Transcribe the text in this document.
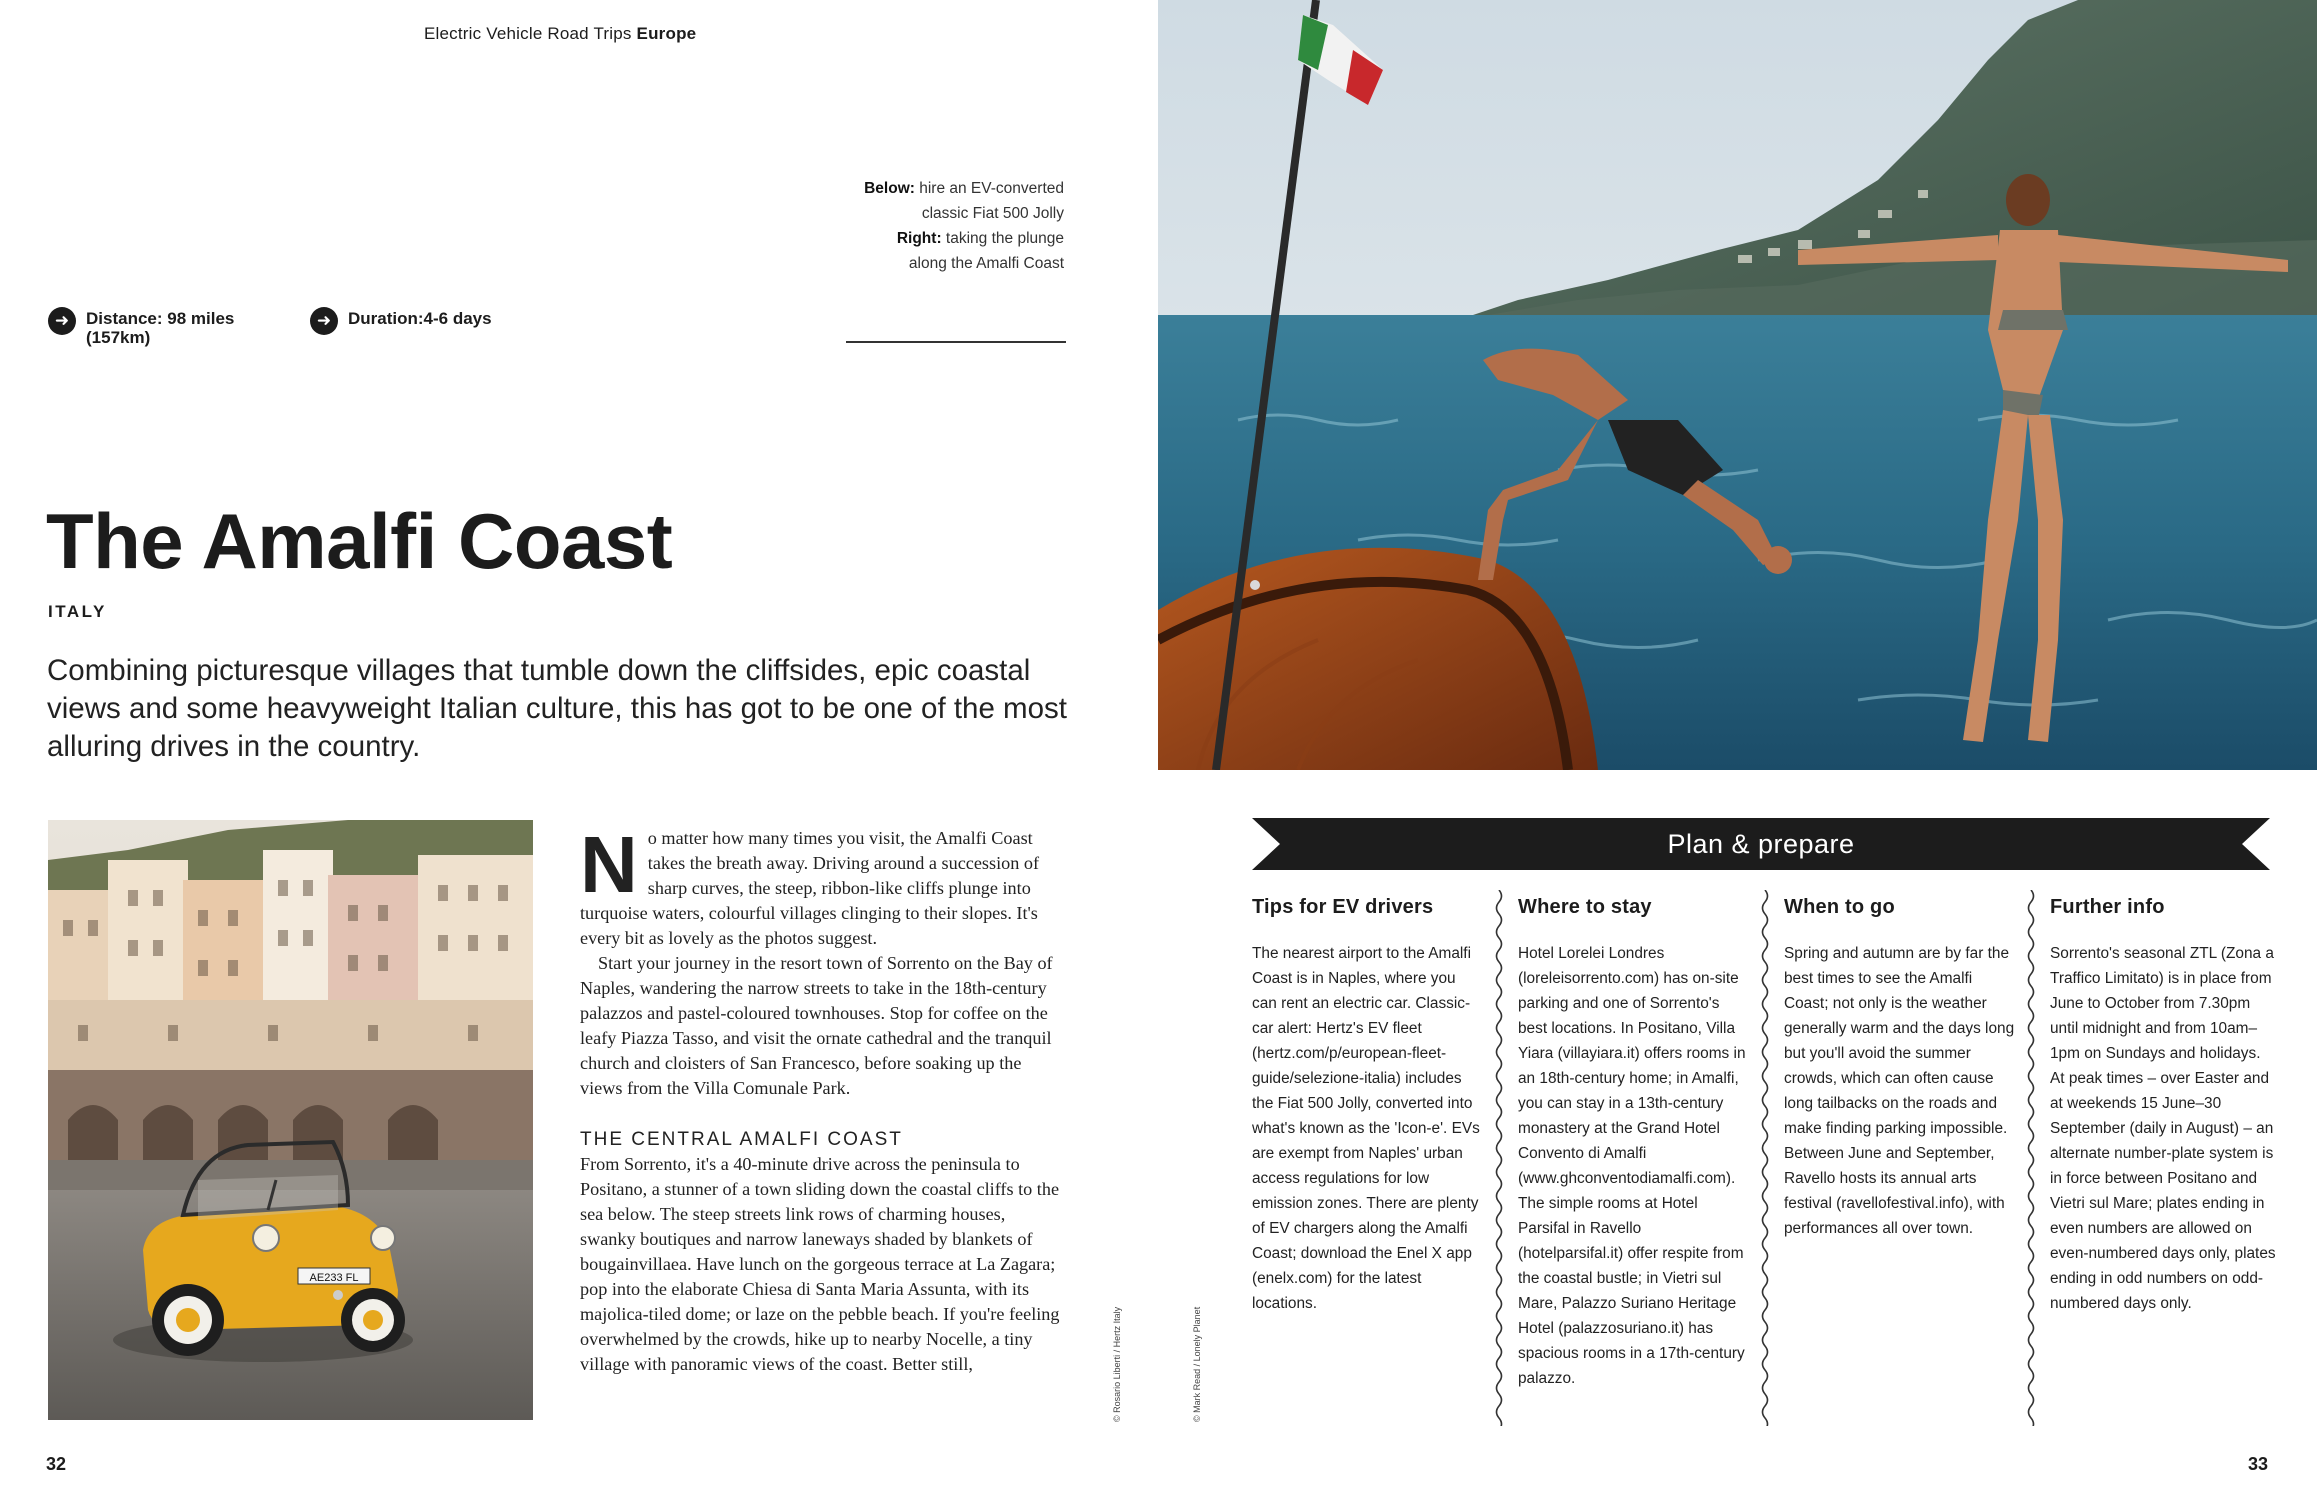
Electric Vehicle Road Trips Europe
Below: hire an EV-converted classic Fiat 500 Jolly
Right: taking the plunge along the Amalfi Coast
➜ Distance: 98 miles (157km)
➜ Duration:4-6 days
The Amalfi Coast
ITALY

Combining picturesque villages that tumble down the cliffsides, epic coastal views and some heavyweight Italian culture, this has got to be one of the most alluring drives in the country.

AE233 FL

No matter how many times you visit, the Amalfi Coast takes the breath away. Driving around a succession of sharp curves, the steep, ribbon-like cliffs plunge into turquoise waters, colourful villages clinging to their slopes. It's every bit as lovely as the photos suggest.

Start your journey in the resort town of Sorrento on the Bay of Naples, wandering the narrow streets to take in the 18th-century palazzos and pastel-coloured townhouses. Stop for coffee on the leafy Piazza Tasso, and visit the ornate cathedral and the tranquil church and cloisters of San Francesco, before soaking up the views from the Villa Comunale Park.

THE CENTRAL AMALFI COAST

From Sorrento, it's a 40-minute drive across the peninsula to Positano, a stunner of a town sliding down the coastal cliffs to the sea below. The steep streets link rows of charming houses, swanky boutiques and narrow laneways shaded by blankets of bougainvillaea. Have lunch on the gorgeous terrace at La Zagara; pop into the elaborate Chiesa di Santa Maria Assunta, with its majolica-tiled dome; or laze on the pebble beach. If you're feeling overwhelmed by the crowds, hike up to nearby Nocelle, a tiny village with panoramic views of the coast. Better still,	© Rosario Liberti / Hertz Italy	© Mark Read / Lonely Planet
32
Plan & prepare
Tips for EV drivers

The nearest airport to the Amalfi Coast is in Naples, where you can rent an electric car. Classic-car alert: Hertz's EV fleet (hertz.com/p/european-fleet-guide/selezione-italia) includes the Fiat 500 Jolly, converted into what's known as the 'Icon-e'. EVs are exempt from Naples' urban access regulations for low emission zones. There are plenty of EV chargers along the Amalfi Coast; download the Enel X app (enelx.com) for the latest locations.

Where to stay

Hotel Lorelei Londres (loreleisorrento.com) has on-site parking and one of Sorrento's best locations. In Positano, Villa Yiara (villayiara.it) offers rooms in an 18th-century home; in Amalfi, you can stay in a 13th-century monastery at the Grand Hotel Convento di Amalfi (www.ghconventodiamalfi.com). The simple rooms at Hotel Parsifal in Ravello (hotelparsifal.it) offer respite from the coastal bustle; in Vietri sul Mare, Palazzo Suriano Heritage Hotel (palazzosuriano.it) has spacious rooms in a 17th-century palazzo.

When to go

Spring and autumn are by far the best times to see the Amalfi Coast; not only is the weather generally warm and the days long but you'll avoid the summer crowds, which can often cause long tailbacks on the roads and make finding parking impossible. Between June and September, Ravello hosts its annual arts festival (ravellofestival.info), with performances all over town.

Further info

Sorrento's seasonal ZTL (Zona a Traffico Limitato) is in place from June to October from 7.30pm until midnight and from 10am–1pm on Sundays and holidays. At peak times – over Easter and at weekends 15 June–30 September (daily in August) – an alternate number-plate system is in force between Positano and Vietri sul Mare; plates ending in even numbers are allowed on even-numbered days only, plates ending in odd numbers on odd-numbered days only.

33
